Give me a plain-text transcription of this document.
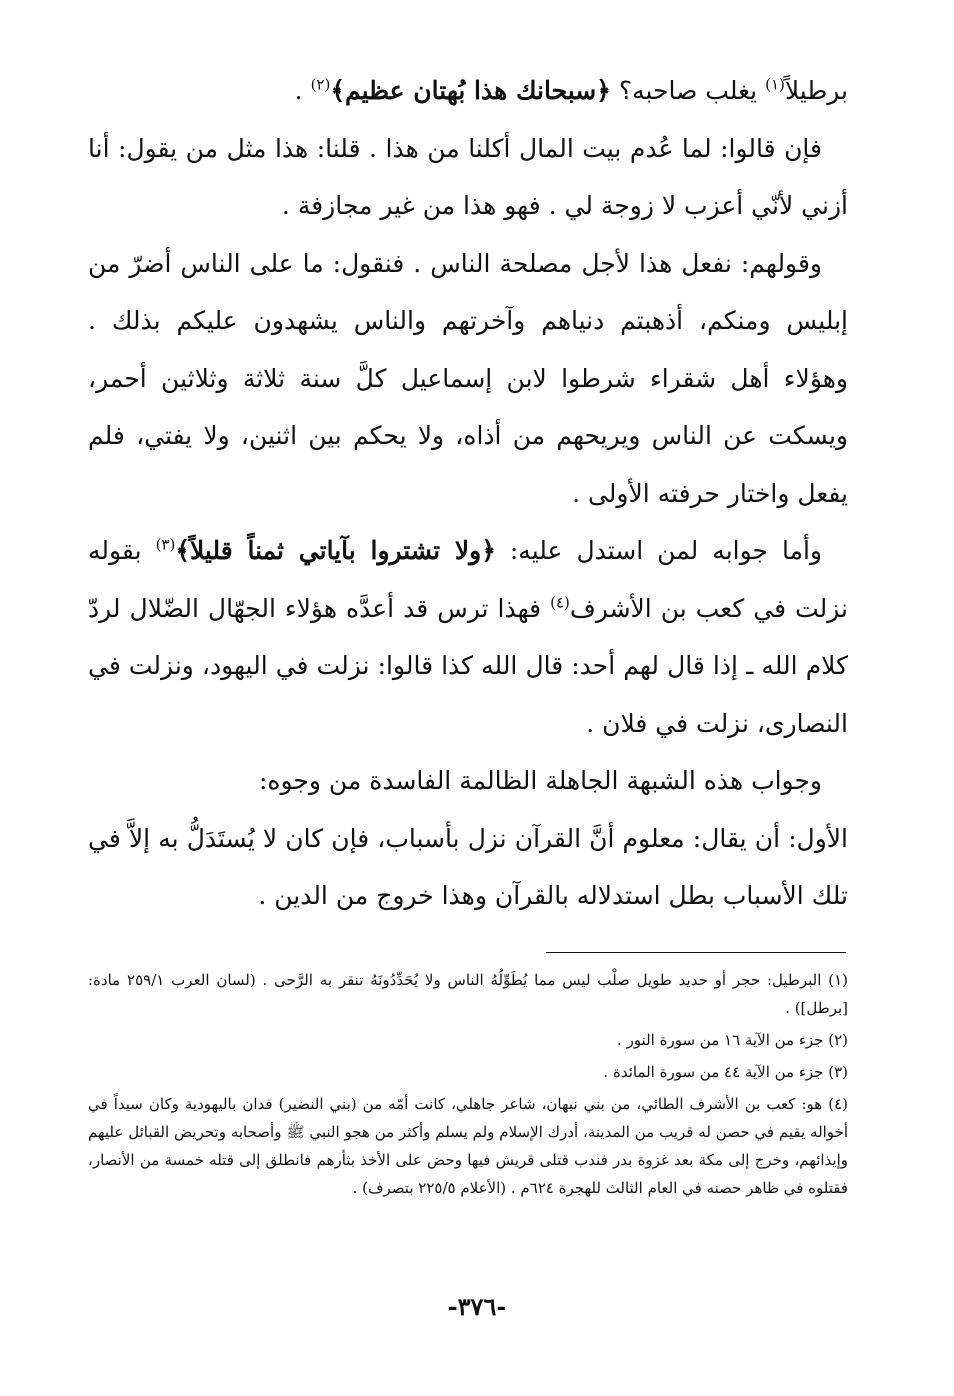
برطيلاً$^{(١)}$ يغلب صاحبه؟ ﴿سبحانك هذا بُهتان عظيم﴾$^{(٢)}$ .

فإن قالوا: لما عُدم بيت المال أكلنا من هذا . قلنا: هذا مثل من يقول: أنا أزني لأنّي أعزب لا زوجة لي . فهو هذا من غير مجازفة .

وقولهم: نفعل هذا لأجل مصلحة الناس . فنقول: ما على الناس أضرّ من إبليس ومنكم، أذهبتم دنياهم وآخرتهم والناس يشهدون عليكم بذلك . وهؤلاء أهل شقراء شرطوا لابن إسماعيل كلَّ سنة ثلاثة وثلاثين أحمر، ويسكت عن الناس ويريحهم من أذاه، ولا يحكم بين اثنين، ولا يفتي، فلم يفعل واختار حرفته الأولى .

وأما جوابه لمن استدل عليه: ﴿ولا تشتروا بآياتي ثمناً قليلاً﴾$^{(٣)}$ بقوله نزلت في كعب بن الأشرف$^{(٤)}$ فهذا ترس قد أعدَّه هؤلاء الجهّال الضّلال لردّ كلام الله ـ إذا قال لهم أحد: قال الله كذا قالوا: نزلت في اليهود، ونزلت في النصارى، نزلت في فلان .

وجواب هذه الشبهة الجاهلة الظالمة الفاسدة من وجوه:

الأول: أن يقال: معلوم أنَّ القرآن نزل بأسباب، فإن كان لا يُستَدَلُّ به إلاَّ في تلك الأسباب بطل استدلاله بالقرآن وهذا خروج من الدين .

(١) البرطيل: حجر أو حديد طويل صلْب ليس مما يُطَوِّلُهُ الناس ولا يُحَدِّدُونَهُ تنقر به الرَّحى . (لسان العرب ٢٥٩/١ مادة: [برطل]) .

(٢) جزء من الآية ١٦ من سورة النور .

(٣) جزء من الآية ٤٤ من سورة المائدة .

(٤) هو: كعب بن الأشرف الطائي، من بني نبهان، شاعر جاهلي، كانت أمّه من (بني النضير) فدان باليهودية وكان سيداً في أخواله يقيم في حصن له قريب من المدينة، أدرك الإسلام ولم يسلم وأكثر من هجو النبي ﷺ وأصحابه وتحريض القبائل عليهم وإيذائهم، وخرج إلى مكة بعد غزوة بدر فندب قتلى قريش فيها وحض على الأخذ بثأرهم فانطلق إلى قتله خمسة من الأنصار، فقتلوه في ظاهر حصنه في العام الثالث للهجرة ٦٢٤م . (الأعلام ٢٢٥/٥ بتصرف) .

-٣٧٦-
